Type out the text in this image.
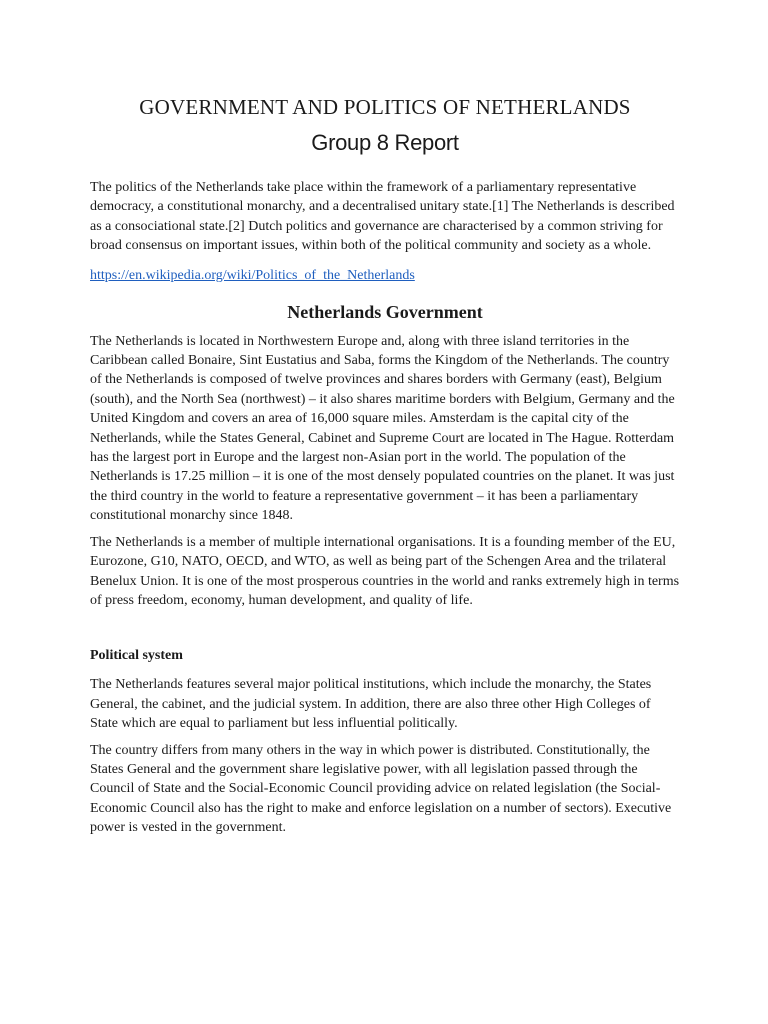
GOVERNMENT AND POLITICS OF NETHERLANDS
Group 8 Report

The politics of the Netherlands take place within the framework of a parliamentary representative democracy, a constitutional monarchy, and a decentralised unitary state.[1] The Netherlands is described as a consociational state.[2] Dutch politics and governance are characterised by a common striving for broad consensus on important issues, within both of the political community and society as a whole.

https://en.wikipedia.org/wiki/Politics_of_the_Netherlands
Netherlands Government

The Netherlands is located in Northwestern Europe and, along with three island territories in the Caribbean called Bonaire, Sint Eustatius and Saba, forms the Kingdom of the Netherlands. The country of the Netherlands is composed of twelve provinces and shares borders with Germany (east), Belgium (south), and the North Sea (northwest) – it also shares maritime borders with Belgium, Germany and the United Kingdom and covers an area of 16,000 square miles. Amsterdam is the capital city of the Netherlands, while the States General, Cabinet and Supreme Court are located in The Hague. Rotterdam has the largest port in Europe and the largest non-Asian port in the world. The population of the Netherlands is 17.25 million – it is one of the most densely populated countries on the planet. It was just the third country in the world to feature a representative government – it has been a parliamentary constitutional monarchy since 1848.

The Netherlands is a member of multiple international organisations. It is a founding member of the EU, Eurozone, G10, NATO, OECD, and WTO, as well as being part of the Schengen Area and the trilateral Benelux Union. It is one of the most prosperous countries in the world and ranks extremely high in terms of press freedom, economy, human development, and quality of life.

Political system

The Netherlands features several major political institutions, which include the monarchy, the States General, the cabinet, and the judicial system. In addition, there are also three other High Colleges of State which are equal to parliament but less influential politically.

The country differs from many others in the way in which power is distributed. Constitutionally, the States General and the government share legislative power, with all legislation passed through the Council of State and the Social-Economic Council providing advice on related legislation (the Social-Economic Council also has the right to make and enforce legislation on a number of sectors). Executive power is vested in the government.
